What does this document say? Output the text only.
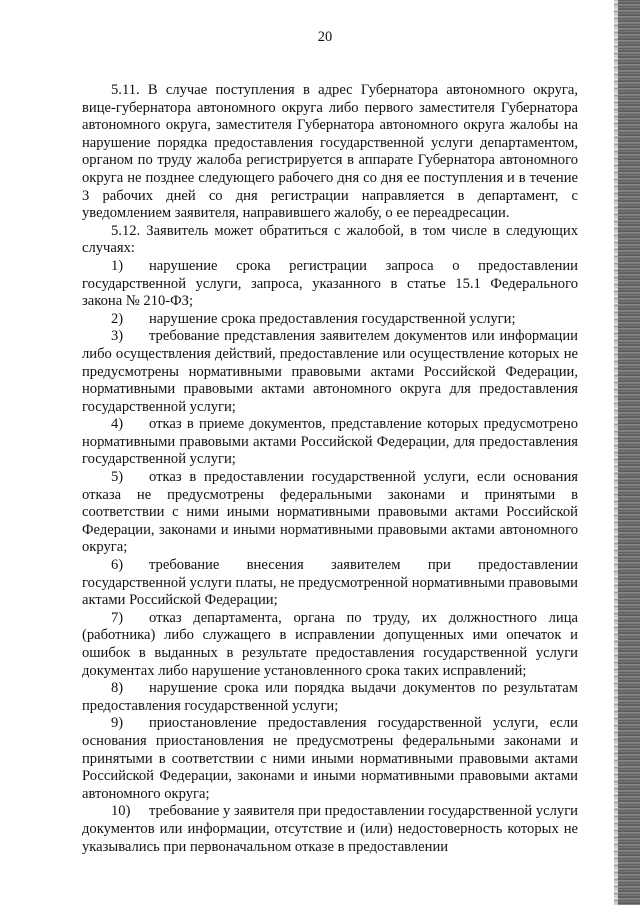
20

5.11. В случае поступления в адрес Губернатора автономного округа, вице-губернатора автономного округа либо первого заместителя Губернатора автономного округа, заместителя Губернатора автономного округа жалобы на нарушение порядка предоставления государственной услуги департаментом, органом по труду жалоба регистрируется в аппарате Губернатора автономного округа не позднее следующего рабочего дня со дня ее поступления и в течение 3 рабочих дней со дня регистрации направляется в департамент, с уведомлением заявителя, направившего жалобу, о ее переадресации.

5.12. Заявитель может обратиться с жалобой, в том числе в следующих случаях:

1) нарушение срока регистрации запроса о предоставлении государственной услуги, запроса, указанного в статье 15.1 Федерального закона № 210-ФЗ;

2) нарушение срока предоставления государственной услуги;

3) требование представления заявителем документов или информации либо осуществления действий, предоставление или осуществление которых не предусмотрены нормативными правовыми актами Российской Федерации, нормативными правовыми актами автономного округа для предоставления государственной услуги;

4) отказ в приеме документов, представление которых предусмотрено нормативными правовыми актами Российской Федерации, для предоставления государственной услуги;

5) отказ в предоставлении государственной услуги, если основания отказа не предусмотрены федеральными законами и принятыми в соответствии с ними иными нормативными правовыми актами Российской Федерации, законами и иными нормативными правовыми актами автономного округа;

6) требование внесения заявителем при предоставлении государственной услуги платы, не предусмотренной нормативными правовыми актами Российской Федерации;

7) отказ департамента, органа по труду, их должностного лица (работника) либо служащего в исправлении допущенных ими опечаток и ошибок в выданных в результате предоставления государственной услуги документах либо нарушение установленного срока таких исправлений;

8) нарушение срока или порядка выдачи документов по результатам предоставления государственной услуги;

9) приостановление предоставления государственной услуги, если основания приостановления не предусмотрены федеральными законами и принятыми в соответствии с ними иными нормативными правовыми актами Российской Федерации, законами и иными нормативными правовыми актами автономного округа;

10) требование у заявителя при предоставлении государственной услуги документов или информации, отсутствие и (или) недостоверность которых не указывались при первоначальном отказе в предоставлении
